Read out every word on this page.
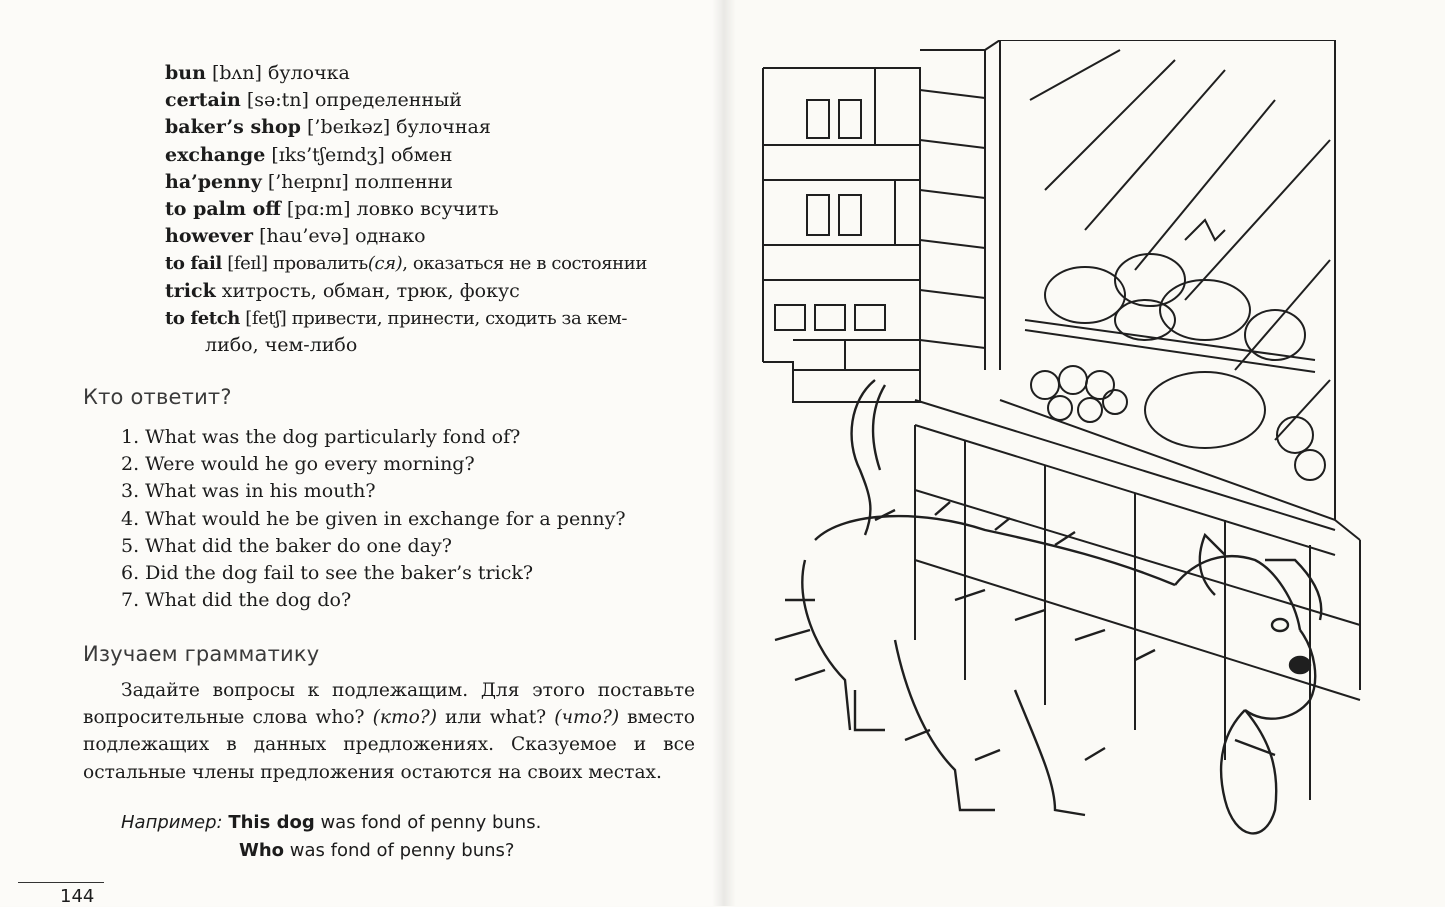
bun [bʌn] булочка
certain [sə:tn] определенный
baker’s shop [’beɪkəz] булочная
exchange [ɪks’tʃeɪndʒ] обмен
ha’penny [’heɪpnɪ] полпенни
to palm off [pɑ:m] ловко всучить
however [hau’evə] однако
to fail [feɪl] провалить(ся), оказаться не в состоянии
trick хитрость, обман, трюк, фокус
to fetch [fetʃ] привести, принести, сходить за кем-
либо, чем-либо
Кто ответит?
1. What was the dog particularly fond of?
2. Were would he go every morning?
3. What was in his mouth?
4. What would he be given in exchange for a penny?
5. What did the baker do one day?
6. Did the dog fail to see the baker’s trick?
7. What did the dog do?
Изучаем грамматику
Задайте вопросы к подлежащим. Для этого поставьте вопросительные слова who? (кто?) или what? (что?) вместо подлежащих в данных предложениях. Сказуемое и все остальные члены предложения остаются на своих местах.
Например: This dog was fond of penny buns.
Who was fond of penny buns?
144
